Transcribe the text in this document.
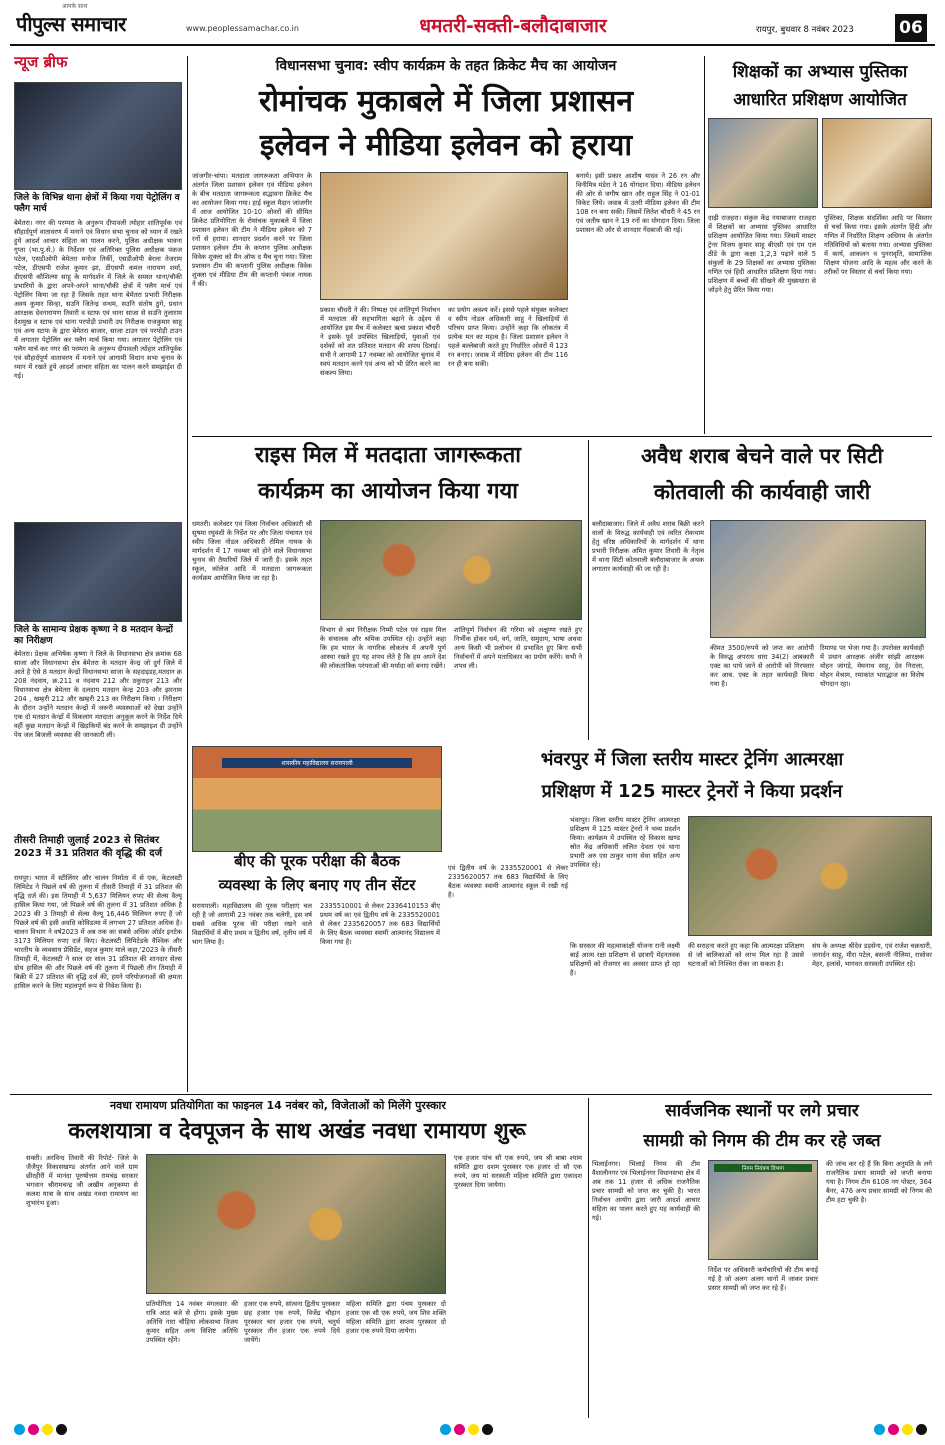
पीपुल्स समाचार
आपके साथ
www.peoplessamachar.co.in	धमतरी-सक्ती-बलौदाबाजार	रायपुर, बुधवार 8 नवंबर 2023	06
न्यूज ब्रीफ
जिले के विभिन्न थाना क्षेत्रों में किया गया पेट्रोलिंग व फ्लैग मार्च
बेमेतरा। नगर की परम्परा के अनुरूप दीपावली त्योहार शांतिपूर्वक एवं सौहार्दपूर्ण वातावरण में मनाने एवं विधान सभा चुनाव को ध्यान में रखते हुये आदर्श आचार संहिता का पालन करने, पुलिस अधीक्षक भावना गुप्ता (भा.पु.से.) के निर्देशन एवं अतिरिक्त पुलिस अधीक्षक पंकज पटेल, एसडीओपी बेमेतरा मनोज तिर्की, एसडीओपी बेरला तेजराम पटेल, डीएसपी राजेश कुमार झा, डीएसपी कमल नारायण शर्मा, डीएसपी कौशिल्या साहू के मार्गदर्शन में जिले के समस्त थाना/चौकी प्रभारियों के द्वारा अपने-अपने थाना/चौकी क्षेत्रों में फ्लैग मार्च एवं पेट्रोलिंग किया जा रहा है जिसके तहत थाना बेमेतरा प्रभारी निरीक्षक अवय कुमार सिन्हा, सउनि जितेन्द्र वन्धम, सउनि संतोष ठुगे, प्रधान आरक्षक देवनारायण तिवारी व स्टाफ एवं थाना साजा से सउनि तुलाराम देशमुख व स्टाफ एवं थाना परपोड़ी प्रभारी उप निरीक्षक राजकुमार साहू एवं अन्य स्टाफ के द्वारा बेमेतरा बाजार, साजा टाउन एवं परपोड़ी टाउन में लगातार पेट्रोलिंग कर फ्लैग मार्च किया गया। लगातार पेट्रोलिंग एवं फ्लैग मार्च कर नगर की परम्परा के अनुरूप दीपावली त्योहार शांतिपूर्वक एवं सौहार्दपूर्ण वातावरण में मनाने एवं आगामी विधान सभा चुनाव के ध्यान में रखते हुये आदर्श आचार संहिता का पालन करने समझाईश दी गई।
जिले के सामान्य प्रेक्षक कृष्णा ने 8 मतदान केन्द्रों का निरीक्षण
बेमेतरा। प्रेक्षक अभिषेक कृष्णा ने जिले के विधानसभा क्षेत्र क्रमांक 68 साजा और विधानसभा क्षेत्र बेमेतरा के मतदान केन्द्र जो दुर्ग जिले में आते है ऐसे 8 मतदान केन्द्रों विधानसभा साजा के सहदाइडह,मतदान क्र 208 नंदवाय, क्र.211 व नंदवाय 212 और ठकुराइन 213 और विधानसभा क्षेत्र बेमेतरा के दलदाय मतदान केन्द्र 203 और झरनाम 204 , खम्हरी 212 और खम्हरी 213 का निरीक्षण किया । निरीक्षण के दौरान उन्होंने मतदान केन्द्रों में जरूरी व्यवस्थाओं को देखा उन्होंने एक दो मतदान केन्द्रों में विकलांग मतदाता अनुकूल करने के निर्देश दिये वहीं कुछ मतदान केन्द्रों में खिड़कियों बंद करने के समझाइश दी उन्होंने पेय जल बिजली व्यवस्था की जानकारी ली।
तीसरी तिमाही जुलाई 2023 से सितंबर 2023 में 31 प्रतिशत की वृद्धि की दर्ज
रायपुर। भारत में स्टीलिंगर और चालन निर्माता में से एक, केटलस्टी लिमिटेड ने पिछले वर्ष की तुलना में तीसरी तिमाही में 31 प्रतिशत की वृद्धि दर्ज की। इस तिमाही में 5,637 मिलियन रुपए की सेल्स वैल्यू हासिल किया गया, जो पिछले वर्ष की तुलना में 31 प्रतिशत अधिक है 2023 की 3 तिमाही से सेल्स वैल्यू 16,446 मिलियन रुपए है जो पिछले वर्ष की इसी अवधि कोविडत्मा में लगभग 27 प्रतिशत अधिक है। चालन विभाग ने वर्ष2023 में अब तक का सबसे अधिक ऑर्डर इनटेक 3173 मिलियन रुपए दर्ज किए। केटलस्टी लिमिटेडके वैश्विक और भारतीय के व्यवसाय प्रेसिडेंट, सहज कुमार माले कहा,'2023 के तीसरी तिमाही में, केटलस्टी ने साल दर साल 31 प्रतिशत की शानदार सेल्स ग्रोथ हासिल की और पिछले वर्ष की तुलना में पिछली तीन तिमाही में बिक्री में 27 प्रतिशत की वृद्धि दर्ज की, हमने परियोजनाओं की क्षमता हासिल करने के लिए महत्वपूर्ण रूप से निवेश किया है।
विधानसभा चुनाव: स्वीप कार्यक्रम के तहत क्रिकेट मैच का आयोजन
रोमांचक मुकाबले में जिला प्रशासन
इलेवन ने मीडिया इलेवन को हराया
जांजगीर-चांपा। मतदाता जागरूकता अभियान के अंतर्गत जिला प्रशासन इलेवन एवं मीडिया इलेवन के बीच मतदाता जागरूकता सद्भावना क्रिकेट मैच का आयोजन किया गया। हाई स्कूल मैदान जांजगीर में आज आयोजित 10-10 ओवरों की सीमित क्रिकेट प्रतियोगिता के रोमांचक मुकाबले में जिला प्रशासन इलेवन की टीम ने मीडिया इलेवन को 7 रनों से हराया। शानदार प्रदर्शन करने पर जिला प्रशासन इलेवन टीम के कप्तान पुलिस अधीक्षक विवेक शुक्ला को मैन ऑफ द मैच चुना गया। जिला प्रशासन टीम की कप्तानी पुलिस अधीक्षक विवेक शुक्ला एवं मीडिया टीम की कप्तानी पंकज नायक ने की।
प्रकाश चौधरी ने की। निष्पक्ष एवं शांतिपूर्ण निर्वाचन में मतदाता की सहभागिता बढ़ाने के उद्देश्य से आयोजित इस मैच में कलेक्टर ऋचा प्रकाश चौधरी ने इसके पूर्व उपस्थित खिलाड़ियों, युवाओं एवं दर्शकों को शत प्रतिशत मतदान की शपथ दिलाई। सभी ने आगामी 17 नवम्बर को आयोजित चुनाव में स्वयं मतदान करने एवं अन्य को भी प्रेरित करने का संकल्प लिया।
का प्रयोग अवश्य करें। इससे पहले संयुक्त कलेक्टर व स्वीप नोडल अधिकारी साहू ने खिलाड़ियों से परिचय प्राप्त किया। उन्होंने कहा कि लोकतंत्र में प्रत्येक मत का महत्व है। जिला प्रशासन इलेवन ने पहले बल्लेबाजी करते हुए निर्धारित ओवरों में 123 रन बनाए। जवाब में मीडिया इलेवन की टीम 116 रन ही बना सकी।
बनाये। इसी प्रकार आशीष यादव ने 26 रन और विनीमित्र मंडेरा ने 16 योगदान दिया। मीडिया इलेवन की ओर से जगीष खान और राहुल सिंह ने 01-01 विकेट लिये। जवाब में उतरी मीडिया इलेवन की टीम 108 रन बना सकी। जिसमें लितेश चौधरी ने 45 रन एवं जतीष खान ने 19 रनों का योगदान दिया। जिला प्रशासन की ओर से शानदार गेंदबाजी की गई।
शिक्षकों का अभ्यास पुस्तिका
आधारित प्रशिक्षण आयोजित
दाढ़ी राजहरा। संकुल केंद्र नयाबाजार राजहरा में शिक्षकों का अभ्यास पुस्तिका आधारित प्रशिक्षण आयोजित किया गया। जिसमें मास्टर ट्रेनर विजय कुमार साहू बीएसी एवं एम एल ठीडे के द्वारा कक्षा 1,2,3 पढ़ाने वाले 5 संकुलों के 29 शिक्षकों का अभ्यास पुस्तिका गणित एवं हिंदी आधारित प्रशिक्षण दिया गया। प्रशिक्षण में बच्चों की सीखने की मुख्यधारा से जोड़ने हेतु प्रेरित किया गया।
पुस्तिका, शिक्षक संदर्शिका आदि पर विस्तार से चर्चा किया गया। इसके अंतर्गत हिंदी और गणित में निर्धारित शिक्षण अधिगम के अंतर्गत गतिविधियों को बताया गया। अभ्यास पुस्तिका में कार्य, आकलन व पुनरावृति, सामाजिक शिक्षण योजना आदि के महत्व और करने के तरीकों पर विस्तार से चर्चा किया गया।
राइस मिल में मतदाता जागरूकता
कार्यक्रम का आयोजन किया गया
धमतरी। कलेक्टर एवं जिला निर्वाचन अधिकारी श्री सुषमा रघुवंशी के निर्देश पर और जिला पंचायत एवं स्वीप जिला नोडल अधिकारी रोमिल नायक के मार्गदर्शन में 17 नवम्बर को होने वाले विधानसभा चुनाव की तैयारियों जिले में जारी है। इसके तहत स्कूल, कॉलेज आदि में मतदाता जागरूकता कार्यक्रम आयोजित किया जा रहा है।
विभाग से श्रम निरीक्षक निम्मी पटेल एवं राइस मिल के संचालक और श्रमिक उपस्थित रहे। उन्होंने कहा कि हम भारत के नागरिक लोकतंत्र में अपनी पूर्ण आस्था रखते हुए यह शपथ लेते है कि हम अपने देश की लोकतांत्रिक परंपराओं की मर्यादा को बनाए रखेंगे।
शांतिपूर्ण निर्वाचन की गरिमा को अक्षुण्ण रखते हुए निर्भीक होकर धर्म, वर्ग, जाति, समुदाय, भाषा अथवा अन्य किसी भी प्रलोभन से प्रभावित हुए बिना सभी निर्वाचनों में अपने मताधिकार का प्रयोग करेंगे। सभी ने शपथ ली।
अवैध शराब बेचने वाले पर सिटी
कोतवाली की कार्यवाही जारी
बलौदाबाजार। जिले में अवैध शराब बिक्री करने वालों के विरुद्ध कार्यवाही एवं त्वरित रोकथाम हेतु वरिष्ठ अधिकारियों के मार्गदर्शन में थाना प्रभारी निरीक्षक अमित कुमार तिवारी के नेतृत्व में थाना सिटी कोतवाली बलौदाबाजार के अथक लगातार कार्यवाही की जा रही है।
कीमत 3500/रुपये को जप्त कर आरोपी के विरुद्ध अपराध धारा 34(2) आबकारी एक्ट का पाये जाने से आरोपी को गिरफ्तार कर आब. एक्ट के तहत कार्यवाही किया गया है।
रिमाण्ड पर भेजा गया है। उपरोक्त कार्यवाही में प्रधान आरक्षक अंजीर सांझी आरक्षक मोहन जांगड़े, मेघनाथ साहू, देव निराला, मोहन मेश्राम, रमाकांत भारद्धाज का विशेष योगदान रहा।
शासकीय महाविद्यालय सरायपाली
बीए की पूरक परीक्षा की बैठक
व्यवस्था के लिए बनाए गए तीन सेंटर
सरायपाली। महाविद्यालय की पूरक परीक्षाएं चल रही है जो आगामी 23 नवंबर तक चलेगी, इस वर्ष सबसे अधिक पूरक की परीक्षा रखने वाले विद्यार्थियों में बीए प्रथम व द्वितीय वर्ष, तृतीय वर्ष में भाग लिया है।
2335510001 से लेकर 2336410153 बीए प्रथम वर्ष का एवं द्वितीय वर्ष के 2335520001 से लेकर 2335620057 तक 683 विद्यार्थियों के लिए बैठक व्यवस्था स्वामी आत्मानंद विद्यालय में किया गया है।
एवं द्वितीय वर्ष के 2335520001 से लेकर 2335620057 तक 683 विद्यार्थियों के लिए बैठक व्यवस्था स्वामी आत्मानंद स्कूल में रखी गई है।
भंवरपुर में जिला स्तरीय मास्टर ट्रेनिंग आत्मरक्षा
प्रशिक्षण में 125 मास्टर ट्रेनरों ने किया प्रदर्शन
भंवरपुर। जिला स्तरीय मास्टर ट्रेनिंग आत्मरक्षा प्रशिक्षण में 125 मास्टर ट्रेनरों ने भव्य प्रदर्शन किया। कार्यक्रम में उपस्थित रहे विकास खण्ड स्रोत केंद्र अधिकारी ललित देवता एवं थाना प्रभारी अरु एस ठाकुर थाना सेवा सहित अन्य उपस्थित रहे।
कि सरकार की महत्वाकांक्षी योजना रानी लक्ष्मी बाई आत्म रक्षा प्रशिक्षण से छात्राएँ मेहनतवक प्रशिक्षणों को रोजगार का अवसर प्राप्त हो रहा है।
की सराहना करते हुए कहा कि आत्मरक्षा प्रशिक्षण से जो बालिकाओं को लाभ मिल रहा है उससे घटनाओं को निश्चित रोका जा सकता है।
संघ के अध्यक्ष श्रीदेव डड़सेना, एवं राजेश चक्रधारी, जनार्दन साहू, मीरा पटेल, बसन्ती नीलिमा, रासोवर मेहर, हलांसे, भागवत सरस्वती उपस्थित रहे।
नवधा रामायण प्रतियोगिता का फाइनल 14 नवंबर को, विजेताओं को मिलेंगे पुरस्कार
कलशयात्रा व देवपूजन के साथ अखंड नवधा रामायण शुरू
सक्ती। अरविन्द तिवारी की रिपोर्ट- जिले के जैजैपुर विकासखण्ड अंतर्गत आने वाले ग्राम छीरहीरी में मानंदा पूरुषोत्तम रामचंद्र सरकार भगवान श्रीरामचन्द्र जी अखीम अनुकम्पा से कलश यात्रा के साथ अखंड नवधा रामायण का शुभारंभ हुआ।
प्रतियोगिता 14 नवंबर मंगलवार की रात्रि आठ बजे से होगा। इसके मुख्य अतिथि नारा चौहिया लोकसभा विजय कुमार सहित अन्य विशिष्ट अतिथि उपस्थित रहेंगे।
हजार एक रुपये, सांत्वना द्वितीय पुरस्कार छह हजार एक रुपये, विजेंद्र चौहान पुरस्कार चार हजार एक रुपये, चतुर्थ पुरस्कार तीन हजार एक रुपये दिये जायेंगे।
महिला समिति द्वारा पंचम पुरस्कार दो हजार एक सौ एक रुपये, जय शिव शक्ति महिला समिति द्वारा सप्तम पुरस्कार दो हजार एक रुपये दिया जायेगा।
एक हजार पांच सौ एक रुपये, जय श्री बाबा श्याम समिति द्वारा दशम पुरस्कार एक हजार दो सौ एक रुपये, जय मां सरस्वती महिला समिति द्वारा एकादश पुरस्कार दिया जायेगा।
सार्वजनिक स्थानों पर लगे प्रचार
सामग्री को निगम की टीम कर रहे जब्त
भिलाईनगर। भिलाई निगम की टीम वैशालीनगर एवं भिलाईनगर विधानसभा क्षेत्र में अब तक 11 हजार से अधिक राजनैतिक प्रचार सामग्री को जप्त कर चुकी है। भारत निर्वाचन आयोग द्वारा जारी आदर्श आचार संहिता का पालन करते हुए यह कार्यवाही की गई।
निगम नियंत्रण विभाग
निर्देश पर अधिकारी कर्मचारियों की टीम बनाई गई है जो अलग अलग थानों में जाकर प्रचार प्रसार सामग्री को जप्त कर रहे हैं।
की जांच कर रहे हैं कि बिना अनुमति के लगे राजनैतिक प्रचार सामग्री को जप्ती बनाया गया है। निगम टीम 6108 नग पोस्टर, 364 बैनर, 476 अन्य प्रचार सामग्री को निगम की टीम हटा चुकी है।
